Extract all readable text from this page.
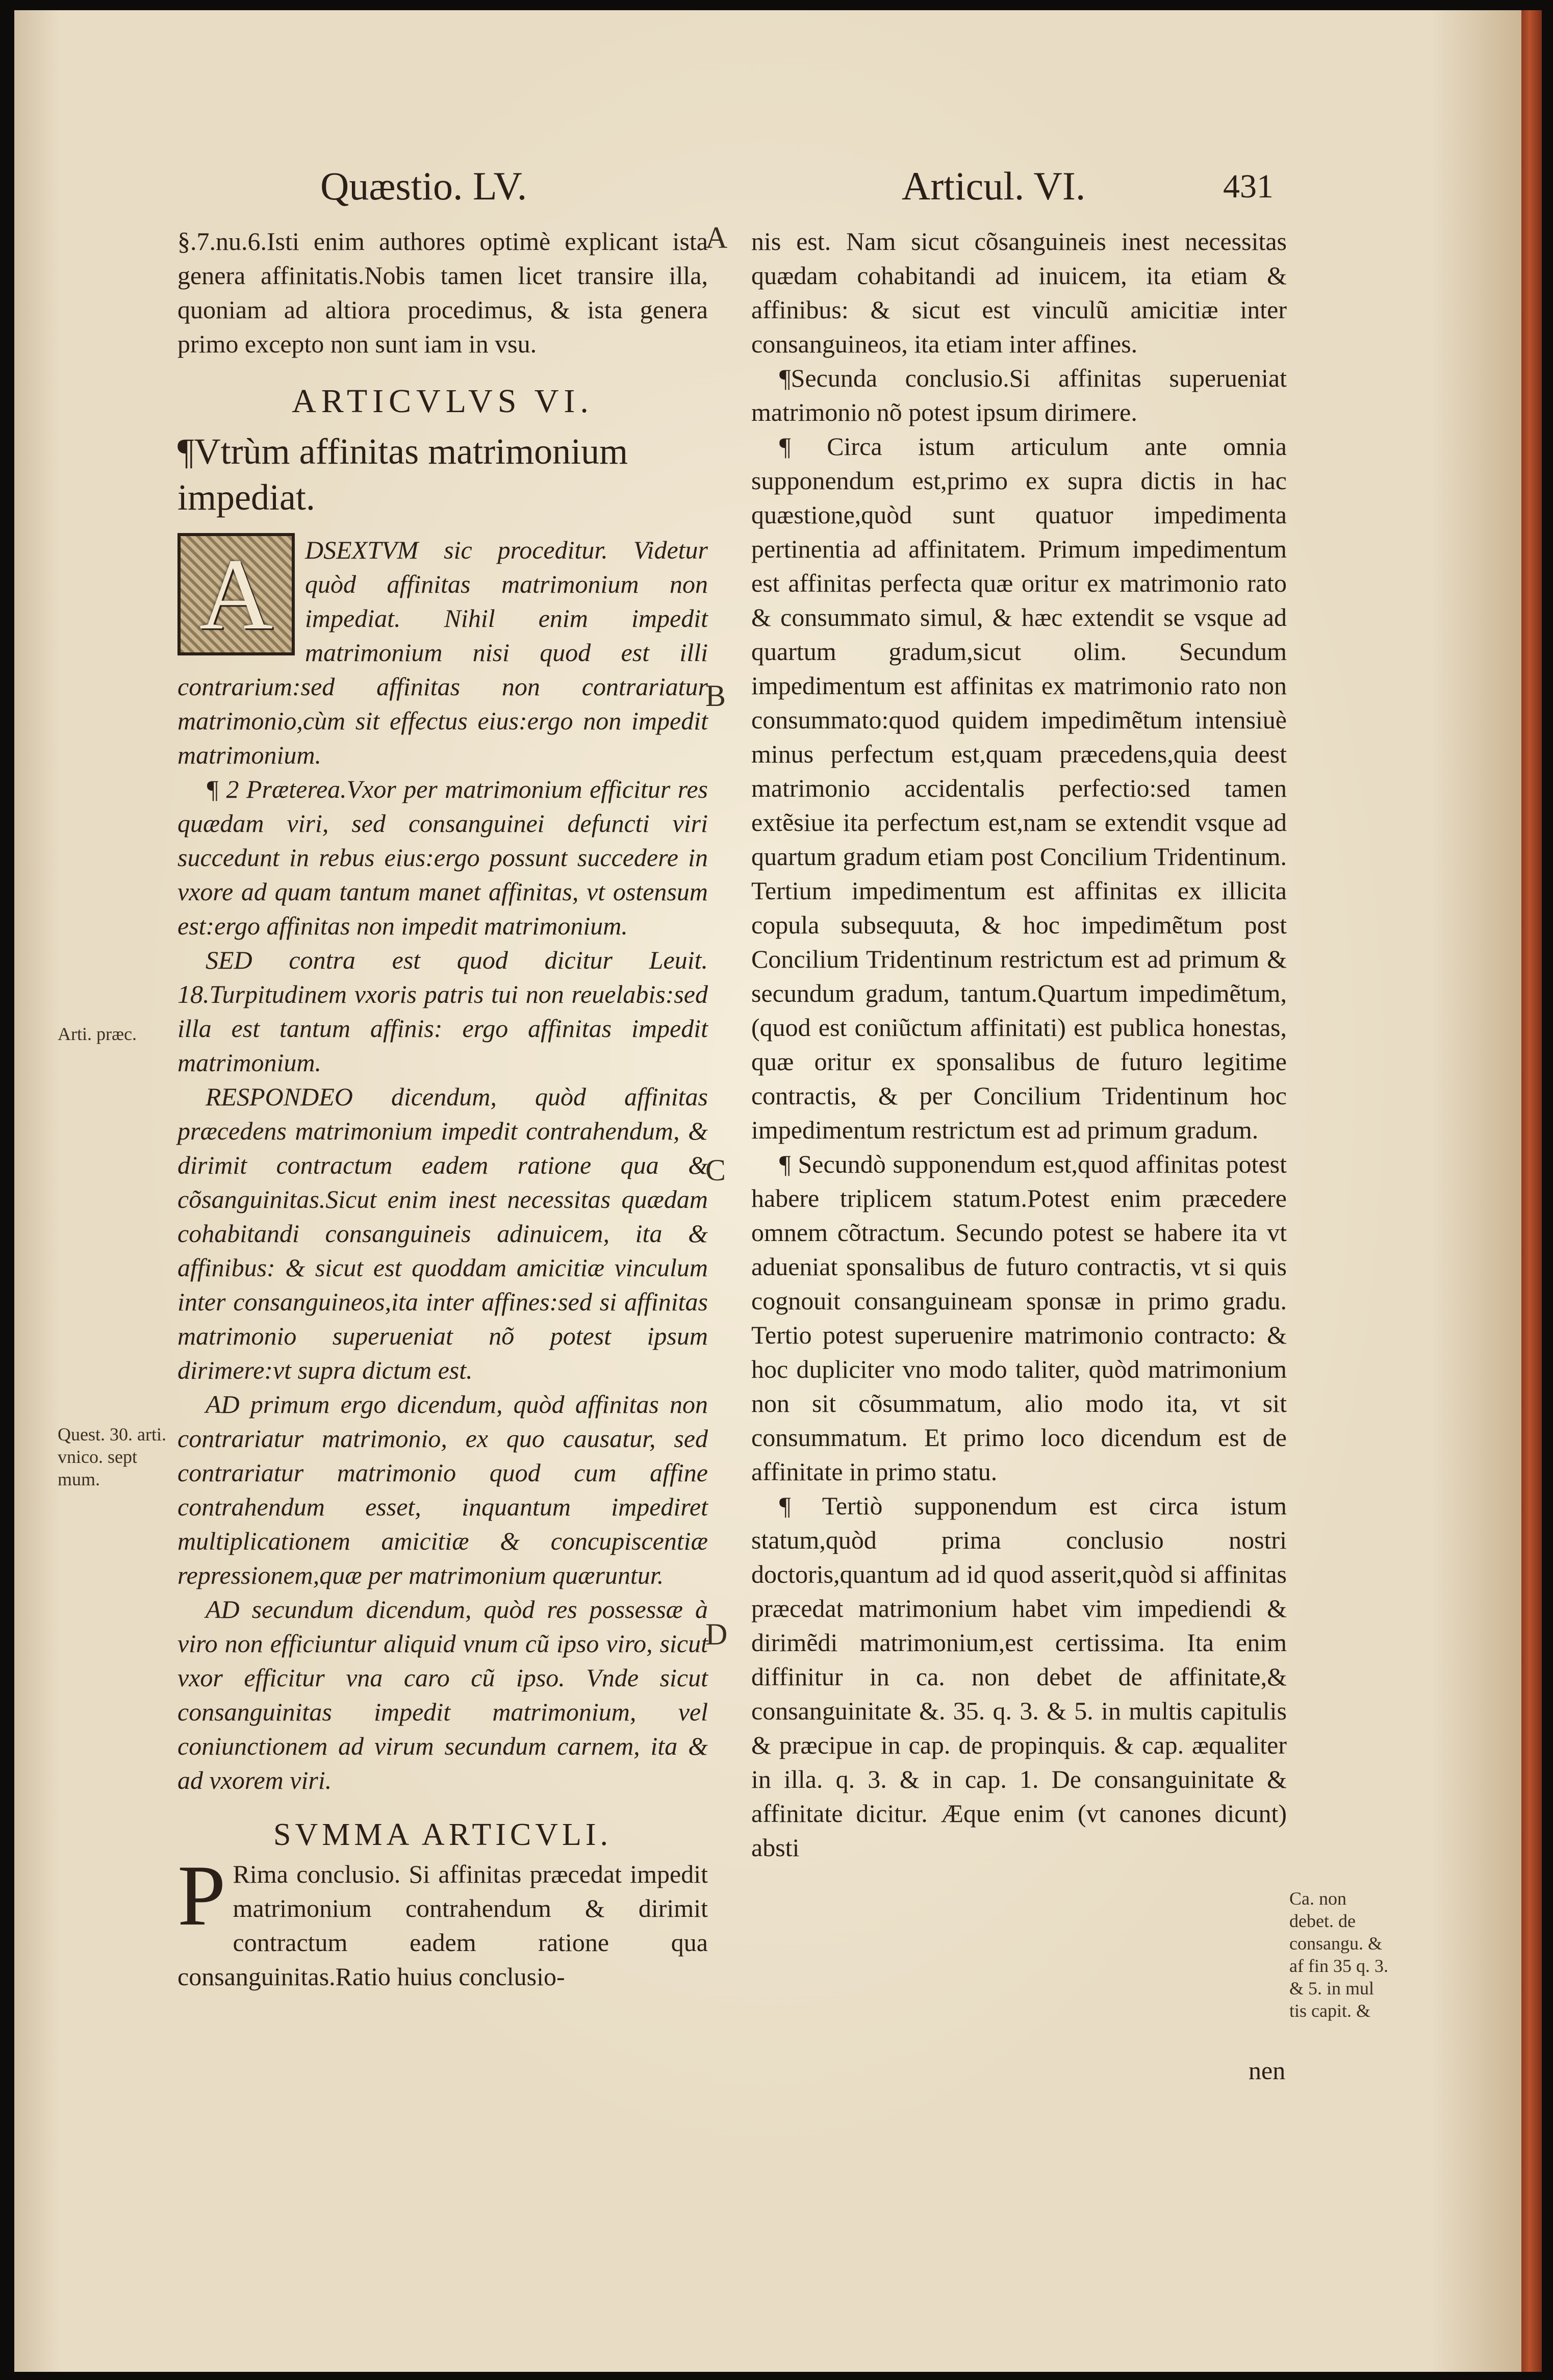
Quæstio. LV.	Articul. VI.	431

§.7.nu.6.Isti enim authores optimè explicant ista genera affinitatis.Nobis tamen licet transire illa, quoniam ad altiora procedimus, & ista genera primo excepto non sunt iam in vsu.

ARTICVLVS VI.

¶Vtrùm affinitas matrimonium impediat.

A	DSEXTVM sic proceditur. Videtur quòd affinitas matrimonium non impediat. Nihil enim impedit matrimonium nisi quod est illi contrarium:sed affinitas non contrariatur matrimonio,cùm sit effectus eius:ergo non impedit matrimonium.

¶ 2 Præterea.Vxor per matrimonium efficitur res quædam viri, sed consanguinei defuncti viri succedunt in rebus eius:ergo possunt succedere in vxore ad quam tantum manet affinitas, vt ostensum est:ergo affinitas non impedit matrimonium.

SED contra est quod dicitur Leuit. 18.Turpitudinem vxoris patris tui non reuelabis:sed illa est tantum affinis: ergo affinitas impedit matrimonium.

RESPONDEO dicendum, quòd affinitas præcedens matrimonium impedit contrahendum, & dirimit contractum eadem ratione qua & cõsanguinitas.Sicut enim inest necessitas quædam cohabitandi consanguineis adinuicem, ita & affinibus: & sicut est quoddam amicitiæ vinculum inter consanguineos,ita inter affines:sed si affinitas matrimonio superueniat nõ potest ipsum dirimere:vt supra dictum est.

AD primum ergo dicendum, quòd affinitas non contrariatur matrimonio, ex quo causatur, sed contrariatur matrimonio quod cum affine contrahendum esset, inquantum impediret multiplicationem amicitiæ & concupiscentiæ repressionem,quæ per matrimonium quæruntur.

AD secundum dicendum, quòd res possessæ à viro non efficiuntur aliquid vnum cũ ipso viro, sicut vxor efficitur vna caro cũ ipso. Vnde sicut consanguinitas impedit matrimonium, vel coniunctionem ad virum secundum carnem, ita & ad vxorem viri.

SVMMA ARTICVLI.

P Rima conclusio. Si affinitas præcedat impedit matrimonium contrahendum & dirimit contractum eadem ratione qua consanguinitas.Ratio huius conclusio-

nis est. Nam sicut cõsanguineis inest necessitas quædam cohabitandi ad inuicem, ita etiam & affinibus: & sicut est vinculũ amicitiæ inter consanguineos, ita etiam inter affines.

¶Secunda conclusio.Si affinitas superueniat matrimonio nõ potest ipsum dirimere.

¶ Circa istum articulum ante omnia supponendum est,primo ex supra dictis in hac quæstione,quòd sunt quatuor impedimenta pertinentia ad affinitatem. Primum impedimentum est affinitas perfecta quæ oritur ex matrimonio rato & consummato simul, & hæc extendit se vsque ad quartum gradum,sicut olim. Secundum impedimentum est affinitas ex matrimonio rato non consummato:quod quidem impedimẽtum intensiuè minus perfectum est,quam præcedens,quia deest matrimonio accidentalis perfectio:sed tamen extẽsiue ita perfectum est,nam se extendit vsque ad quartum gradum etiam post Concilium Tridentinum. Tertium impedimentum est affinitas ex illicita copula subsequuta, & hoc impedimẽtum post Concilium Tridentinum restrictum est ad primum & secundum gradum, tantum.Quartum impedimẽtum,(quod est coniũctum affinitati) est publica honestas, quæ oritur ex sponsalibus de futuro legitime contractis, & per Concilium Tridentinum hoc impedimentum restrictum est ad primum gradum.

¶ Secundò supponendum est,quod affinitas potest habere triplicem statum.Potest enim præcedere omnem cõtractum. Secundo potest se habere ita vt adueniat sponsalibus de futuro contractis, vt si quis cognouit consanguineam sponsæ in primo gradu. Tertio potest superuenire matrimonio contracto: & hoc dupliciter vno modo taliter, quòd matrimonium non sit cõsummatum, alio modo ita, vt sit consummatum. Et primo loco dicendum est de affinitate in primo statu.

¶ Tertiò supponendum est circa istum statum,quòd prima conclusio nostri doctoris,quantum ad id quod asserit,quòd si affinitas præcedat matrimonium habet vim impediendi & dirimẽdi matrimonium,est certissima. Ita enim diffinitur in ca. non debet de affinitate,& consanguinitate &. 35. q. 3. & 5. in multis capitulis & præcipue in cap. de propinquis. & cap. æqualiter in illa. q. 3. & in cap. 1. De consanguinitate & affinitate dicitur. Æque enim (vt canones dicunt) absti

nen
A
B
C
D
Arti. præc.
Quest. 30. arti. vnico. sept mum.
Ca. non debet. de consangu. & af fin 35 q. 3. & 5. in mul tis capit. &
